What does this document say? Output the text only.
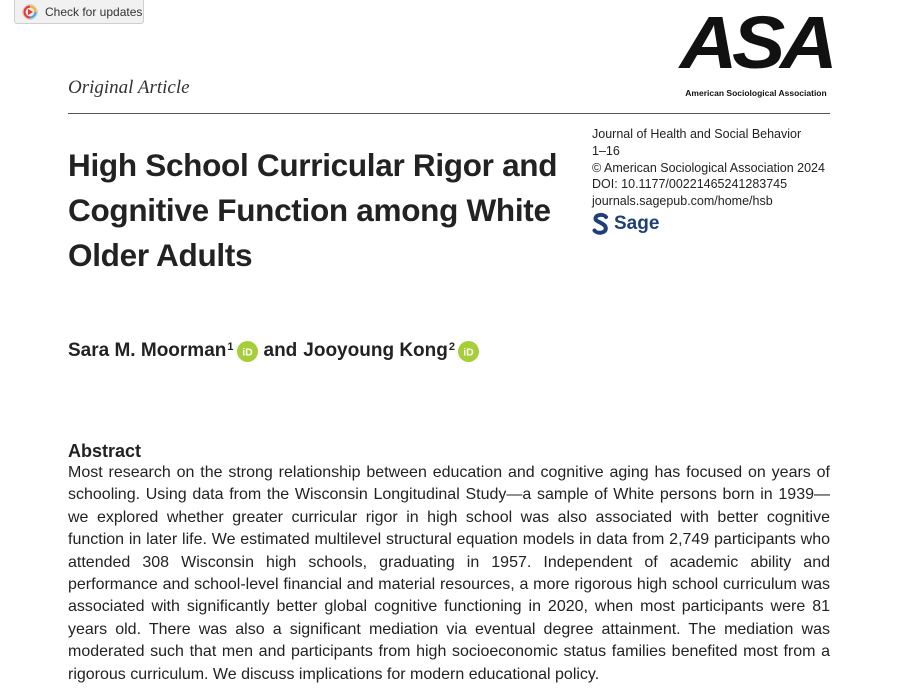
Check for updates
Original Article
ASA
American Sociological Association
High School Curricular Rigor and Cognitive Function among White Older Adults
Journal of Health and Social Behavior
1–16
© American Sociological Association 2024
DOI: 10.1177/00221465241283745
journals.sagepub.com/home/hsb
Sage
Sara M. Moorman$^1$ iD and Jooyoung Kong$^2$ iD
Abstract

Most research on the strong relationship between education and cognitive aging has focused on years of schooling. Using data from the Wisconsin Longitudinal Study—a sample of White persons born in 1939—we explored whether greater curricular rigor in high school was also associated with better cognitive function in later life. We estimated multilevel structural equation models in data from 2,749 participants who attended 308 Wisconsin high schools, graduating in 1957. Independent of academic ability and performance and school-level financial and material resources, a more rigorous high school curriculum was associated with significantly better global cognitive functioning in 2020, when most participants were 81 years old. There was also a significant mediation via eventual degree attainment. The mediation was moderated such that men and participants from high socioeconomic status families benefited most from a rigorous curriculum. We discuss implications for modern educational policy.
